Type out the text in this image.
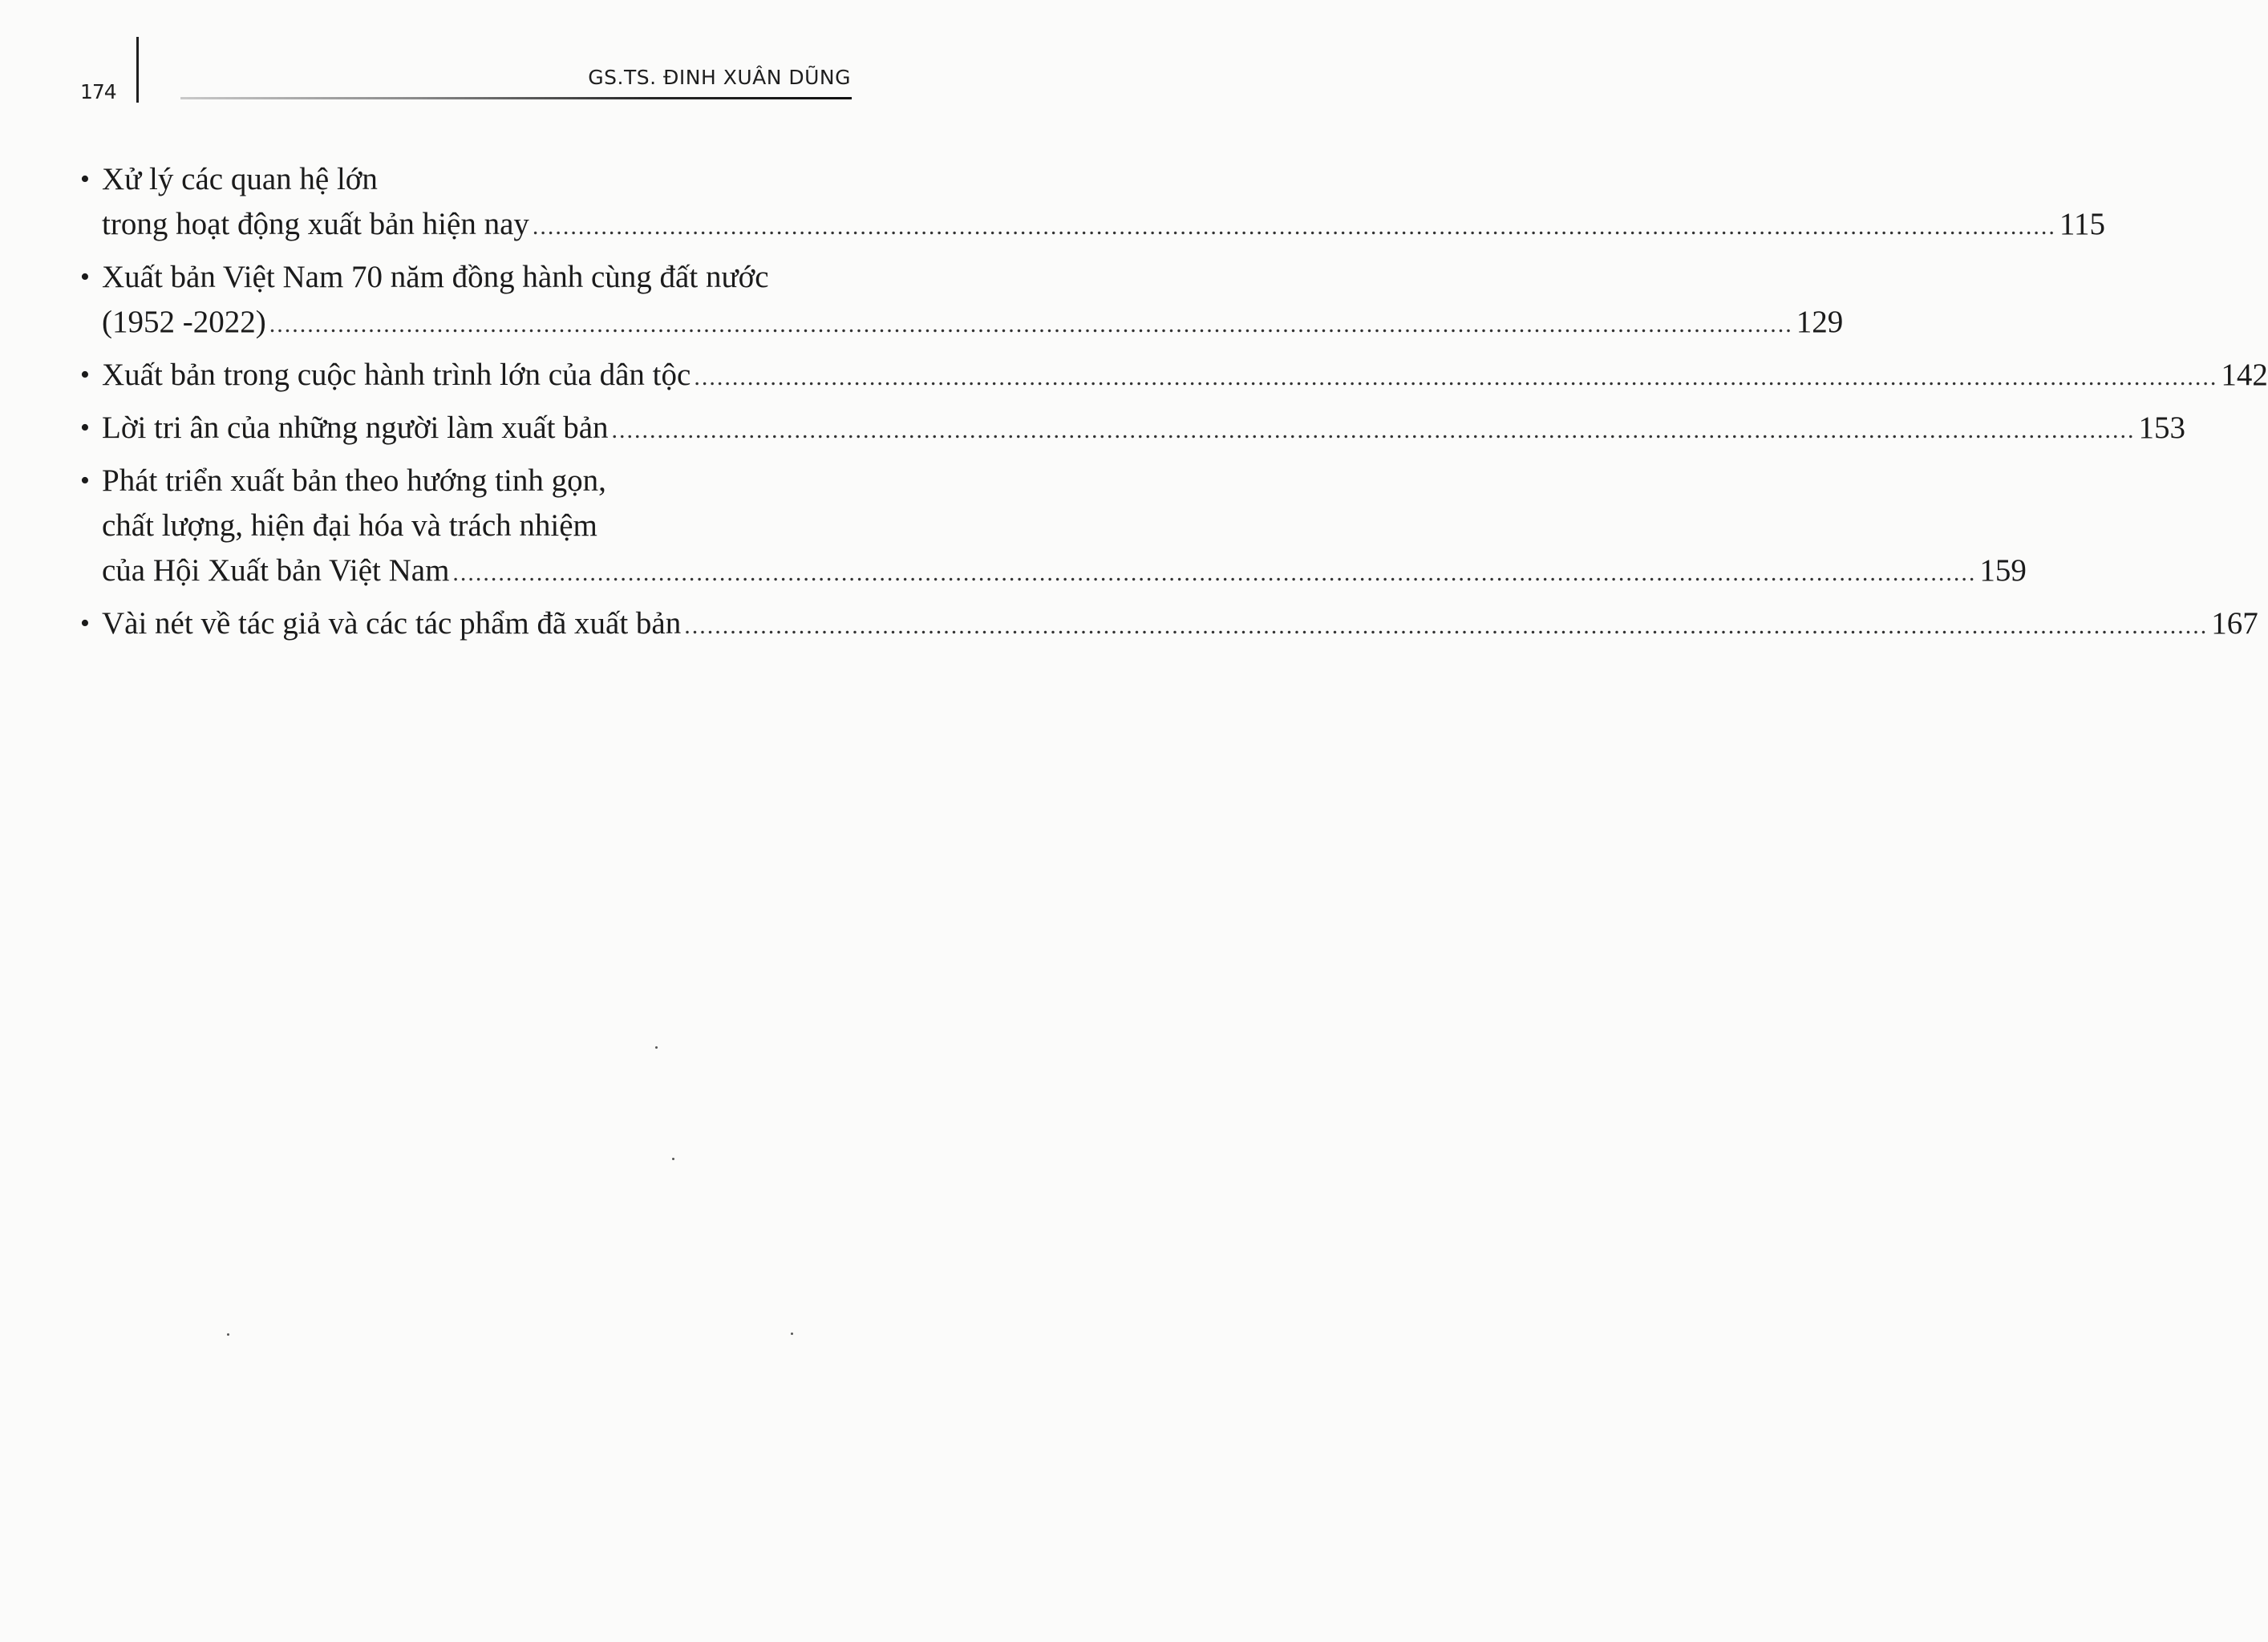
174
GS.TS. ĐINH XUÂN DŨNG
• Xử lý các quan hệ lớn
trong hoạt động xuất bản hiện nay ........................................................................................................................................................................................................ 115
• Xuất bản Việt Nam 70 năm đồng hành cùng đất nước
(1952 -2022) ........................................................................................................................................................................................................ 129
• Xuất bản trong cuộc hành trình lớn của dân tộc ........................................................................................................................................................................................................ 142
• Lời tri ân của những người làm xuất bản ........................................................................................................................................................................................................ 153
• Phát triển xuất bản theo hướng tinh gọn,
chất lượng, hiện đại hóa và trách nhiệm
của Hội Xuất bản Việt Nam ........................................................................................................................................................................................................ 159
• Vài nét về tác giả và các tác phẩm đã xuất bản ........................................................................................................................................................................................................ 167
